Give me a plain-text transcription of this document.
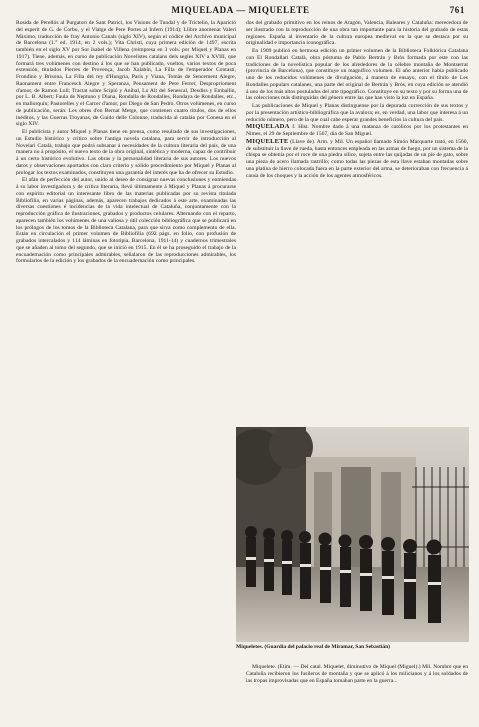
MIQUELADA — MIQUELETE	761

Rosida de Perellós al Purgatori de Sant Patrici, los Visions de Tundal y de Trictelin, la Aparició del esperit de G. de Corbo, y el Viatge de Pere Portes al Infern (1914); Llibre anomenat Valeri Màximo, traducción de fray Antonio Canals (siglo XIV), según el códice del Archivo municipal de Barcelona (1.° ed. 1914, en 2 vols.); Vita Christi, cuya primera edición de 1497, escrita también en el siglo XV por Sor Isabel de Villena (reimpresa en 3 vols. por Miquel y Planas en 1917). Tiene, además, en curso de publicación Novelistes catalans dels segles XIV a XVIII, que formará tres volúmenes con destino á los que se han publicado, vueltos, varios textos de poca extensión, titulados Pierres de Provença, Jacob Xalabín, La Filla de l'emperador Contastí, Frondino y Brisona, La Filla del rey d'Hungria, Paris y Viana, Tomàs de Sencement Alegre, Raonament entre Francesch Alegre y Speranza, Pensament de Pere Ferrer, Desproprioment d'amor, de Ramon Lull; Tractat sobre Scipió y Aníbal, Lo Alt del Senescal, Desdiss y Emballin, por L. B. Albert; Faula de Neptuno y Diana, Rondalla de Rondalles, Rondaya de Rondalles, etc., en mallorquín; Pastorelles y el Carcer d'amor, por Diego de San Pedro. Otros volúmenes, en curso de publicación, serán: Les obres d'en Bernat Metge, que contienen cuatro títulos, dos de ellos inéditos, y las Guerras Troyanas, de Guido delle Colonne, traducida al catalán por Conesa en el siglo XIV.

El publicista y autor Miquel y Planas tiene en prensa, como resultado de sus investigaciones, un Estudio histórico y crítico sobre l'antiga novela catalana, para servir de introducción al Novelari Català, trabajo que podrá subsanar á necesidades de la cultura literaria del país, de una manera no á propósito, el nuevo texto de la obra original, sintética y moderna, capaz de contribuir á un certo histórico evolutivo. Las obras y la personalidad literaria de sus autores. Los nuevos datos y observaciones aportados con claro criterio y sólido procedimiento por Miquel y Planas al prologar los textos examinados, constituyen una garantía del interés que ha de ofrecer su Estudio.

El afán de perfección del autor, unido al deseo de consignar nuevas conclusiones y enmiendas á su labor investigadora y de crítica literaria, llevó últimamente á Miquel y Planas á procurarse con espíritu editorial un interesante libro de las materias publicadas por su revista titulada Bibliofilia, en varias páginas, además, aparecen trabajos dedicados á este arte, examinadas las diversas cuestiones é incidencias de la vida intelectual de Cataluña, conjuntamente con la reproducción gráfica de ilustraciones, grabados y productos celulares. Alternando con el reparto, aparecen también los volúmenes de una valiosa y útil colección bibliográfica que se publicará en los prólogos de los tomos de la Biblioteca Catalana, para que sirva como complemento de ella. Están en circulación el primer volumen de Bibliofilia (692 págs. en folio, con profusión de grabados intercalados y 114 láminas en fototipia. Barcelona, 1911-14) y cuadernos trimestrales que se añaden al tomo del segundo, que se inició en 1915. En él se ha proseguido el trabajo de la encuadernación como principales admirables, señalaron de las reproducciones admirables, los formularios de la edición y los grabados de la encuadernación como principales.

dos del grabado primitivo en los reinos de Aragón, Valencia, Baleares y Cataluña: merecedora de ser ilustrado con la reproducción de una obra tan importante para la historia del grabado de estas regiones. España al inventario de la cultura europea medieval en la que se destaca por su originalidad e importancia iconográfica.

En 1909 publicó en hermosa edición un primer volumen de la Biblioteca Folklórica Catalana con El Rondallari Català, obra póstuma de Pablo Bertrán y Bròs formada por este con las tradiciones de la novelística popular de los alrededores de la célebre montaña de Montserrat (provincia de Barcelona), que constituye un magnífico volumen. El año anterior había publicado uno de los reducidos volúmenes de divulgación, á manera de ensayo, con el título de Les Rondalles populars catalanes, una parte del original de Bertrán y Bròs, en cuya edición se atendió á uno de los más altos postulados del arte tipográfico. Constituye en su texto y por su forma una de las colecciones más distinguidas del género entre las que han visto la luz en España.

Las publicaciones de Miquel y Planas distinguense por la depurada corrección de sus textos y por la presentación artístico-bibliográfica que la avalora; es, en verdad, una labor que interesa á un reducido número, pero de la que cual cabe esperar grandes beneficios la cultura del país.

MIQUELADA f. Hist. Nombre dado á una matanza de católicos por los protestantes en Nimes, el 29 de Septiembre de 1567, día de San Miguel.

MIQUELETE (Llave de). Arm. y Mil. Un español llamado Simón Marquarte trató, en 1560, de substituir la llave de rueda, hasta entonces empleada en las armas de fuego, por un sistema de la chispa se obtenía por el roce de una piedra sílice, sujeta entre las quijadas de un pie de gato, sobre una pieza de acero llamada rastrillo; como todas las piezas de esta llave estaban montadas sobre una platina de hierro colocada fuera en la parte exterior del arma, se deterioraban con frecuencia á causa de los choques y la acción de los agentes atmosféricos.

Miqueletes. (Guardia del palacio real de Miramar, San Sebastián)

Miquelete. (Etim. — Del catal. Miquelet, diminutivo de Miquel (Miguel).) Mil. Nombre que en Cataluña recibieron los fusileros de montaña y que se aplicó á los milicianos y á los soldados de las tropas improvisadas que en España tomaban parte en la guerra...
